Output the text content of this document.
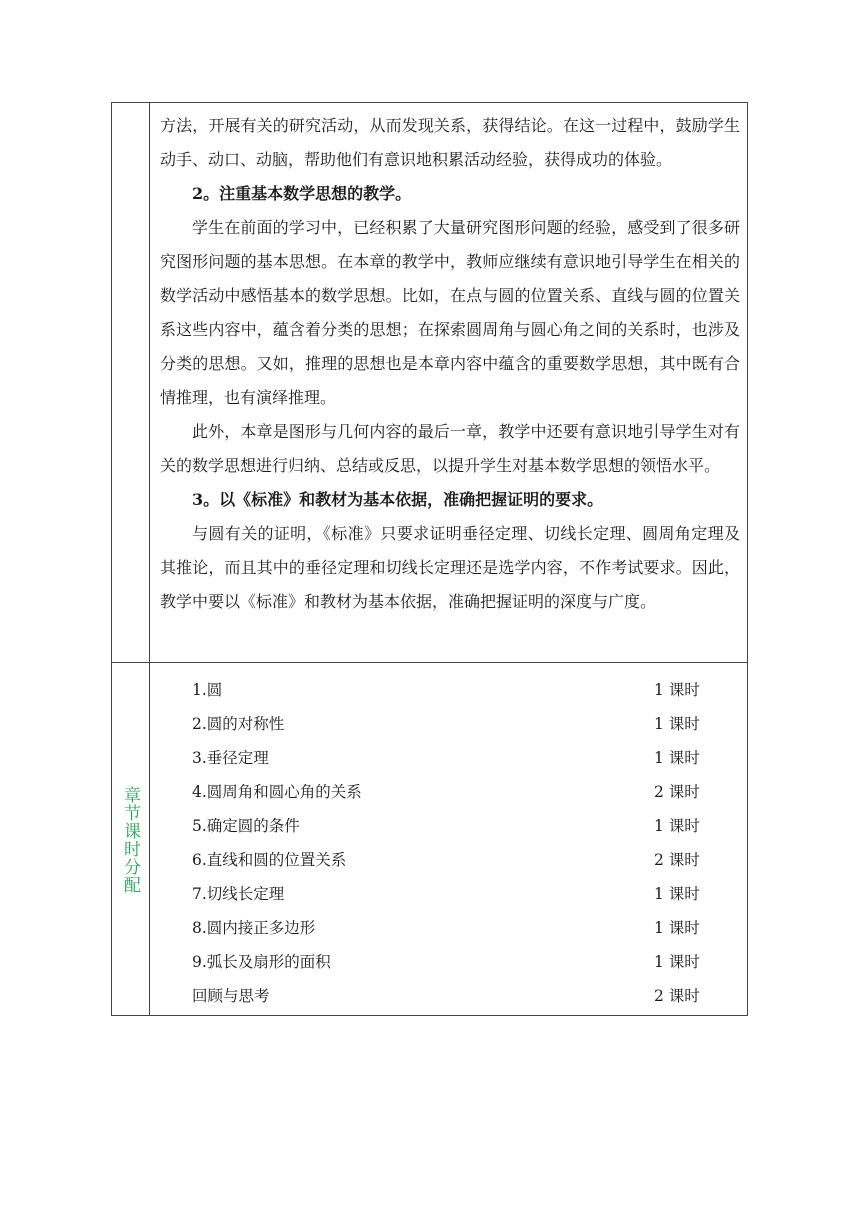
方法，开展有关的研究活动，从而发现关系，获得结论。在这一过程中，鼓励学生动手、动口、动脑，帮助他们有意识地积累活动经验，获得成功的体验。

2。注重基本数学思想的教学。

学生在前面的学习中，已经积累了大量研究图形问题的经验，感受到了很多研究图形问题的基本思想。在本章的教学中，教师应继续有意识地引导学生在相关的数学活动中感悟基本的数学思想。比如，在点与圆的位置关系、直线与圆的位置关系这些内容中，蕴含着分类的思想；在探索圆周角与圆心角之间的关系时，也涉及分类的思想。又如，推理的思想也是本章内容中蕴含的重要数学思想，其中既有合情推理，也有演绎推理。

此外，本章是图形与几何内容的最后一章，教学中还要有意识地引导学生对有关的数学思想进行归纳、总结或反思，以提升学生对基本数学思想的领悟水平。

3。以《标准》和教材为基本依据，准确把握证明的要求。

与圆有关的证明，《标准》只要求证明垂径定理、切线长定理、圆周角定理及其推论，而且其中的垂径定理和切线长定理还是选学内容，不作考试要求。因此，教学中要以《标准》和教材为基本依据，准确把握证明的深度与广度。

章节课时分配
1.圆	1 课时
2.圆的对称性	1 课时
3.垂径定理	1 课时
4.圆周角和圆心角的关系	2 课时
5.确定圆的条件	1 课时
6.直线和圆的位置关系	2 课时
7.切线长定理	1 课时
8.圆内接正多边形	1 课时
9.弧长及扇形的面积	1 课时
回顾与思考	2 课时
